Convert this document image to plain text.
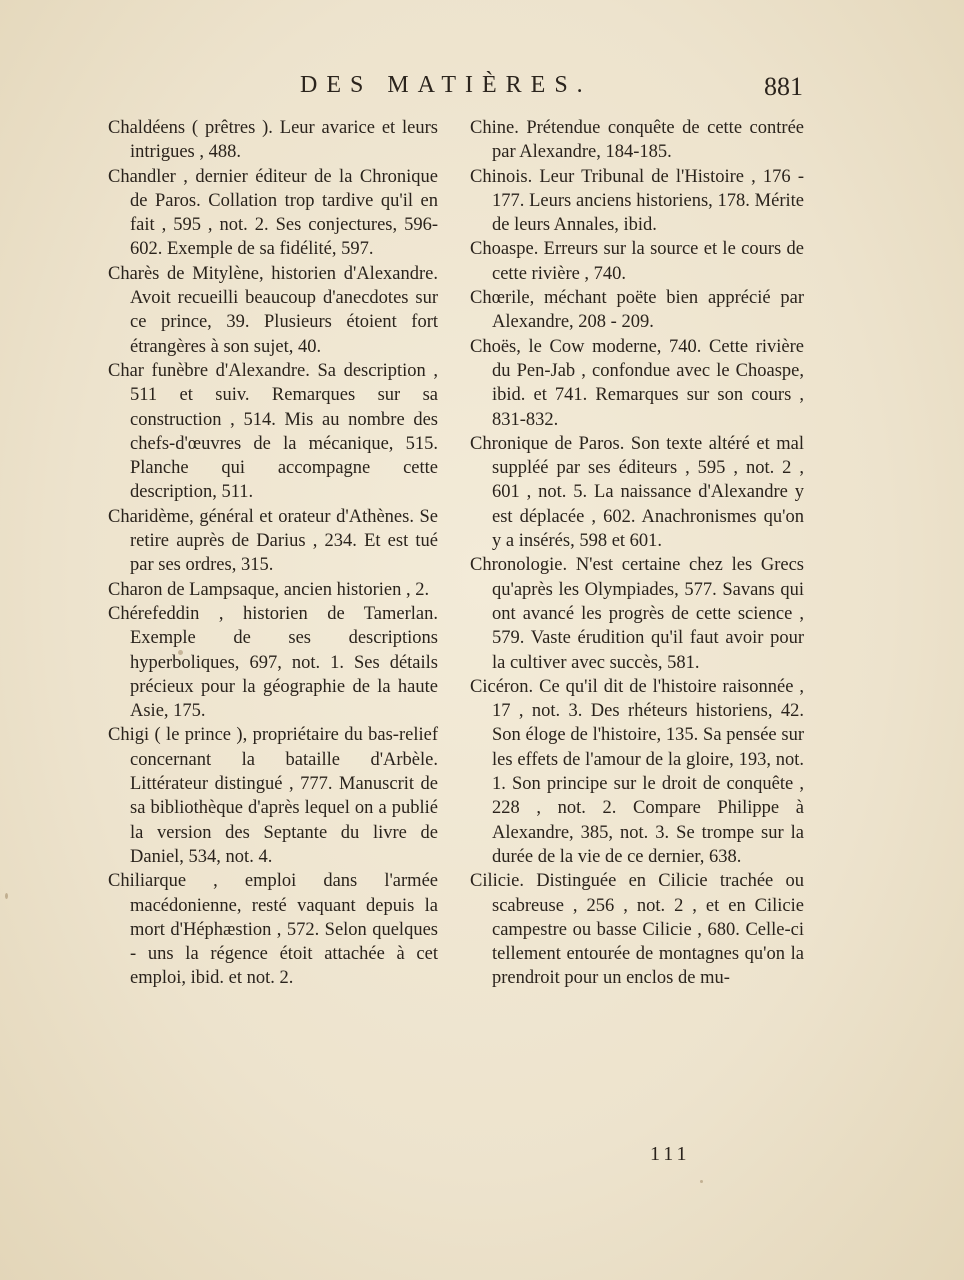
DES MATIÈRES.	881

Chaldéens ( prêtres ). Leur avarice et leurs intrigues , 488.

Chandler , dernier éditeur de la Chronique de Paros. Collation trop tardive qu'il en fait , 595 , not. 2. Ses conjectures, 596-602. Exemple de sa fidélité, 597.

Charès de Mitylène, historien d'Alexandre. Avoit recueilli beaucoup d'anecdotes sur ce prince, 39. Plusieurs étoient fort étrangères à son sujet, 40.

Char funèbre d'Alexandre. Sa description , 511 et suiv. Remarques sur sa construction , 514. Mis au nombre des chefs-d'œuvres de la mécanique, 515. Planche qui accompagne cette description, 511.

Charidème, général et orateur d'Athènes. Se retire auprès de Darius , 234. Et est tué par ses ordres, 315.

Charon de Lampsaque, ancien historien , 2.

Chérefeddin , historien de Tamerlan. Exemple de ses descriptions hyperboliques, 697, not. 1. Ses détails précieux pour la géographie de la haute Asie, 175.

Chigi ( le prince ), propriétaire du bas-relief concernant la bataille d'Arbèle. Littérateur distingué , 777. Manuscrit de sa bibliothèque d'après lequel on a publié la version des Septante du livre de Daniel, 534, not. 4.

Chiliarque , emploi dans l'armée macédonienne, resté vaquant depuis la mort d'Héphæstion , 572. Selon quelques - uns la régence étoit attachée à cet emploi, ibid. et not. 2.

Chine. Prétendue conquête de cette contrée par Alexandre, 184-185.

Chinois. Leur Tribunal de l'Histoire , 176 - 177. Leurs anciens historiens, 178. Mérite de leurs Annales, ibid.

Choaspe. Erreurs sur la source et le cours de cette rivière , 740.

Chœrile, méchant poëte bien apprécié par Alexandre, 208 - 209.

Choës, le Cow moderne, 740. Cette rivière du Pen-Jab , confondue avec le Choaspe, ibid. et 741. Remarques sur son cours , 831-832.

Chronique de Paros. Son texte altéré et mal suppléé par ses éditeurs , 595 , not. 2 , 601 , not. 5. La naissance d'Alexandre y est déplacée , 602. Anachronismes qu'on y a insérés, 598 et 601.

Chronologie. N'est certaine chez les Grecs qu'après les Olympiades, 577. Savans qui ont avancé les progrès de cette science , 579. Vaste érudition qu'il faut avoir pour la cultiver avec succès, 581.

Cicéron. Ce qu'il dit de l'histoire raisonnée , 17 , not. 3. Des rhéteurs historiens, 42. Son éloge de l'histoire, 135. Sa pensée sur les effets de l'amour de la gloire, 193, not. 1. Son principe sur le droit de conquête , 228 , not. 2. Compare Philippe à Alexandre, 385, not. 3. Se trompe sur la durée de la vie de ce dernier, 638.

Cilicie. Distinguée en Cilicie trachée ou scabreuse , 256 , not. 2 , et en Cilicie campestre ou basse Cilicie , 680. Celle-ci tellement entourée de montagnes qu'on la prendroit pour un enclos de mu-

111
